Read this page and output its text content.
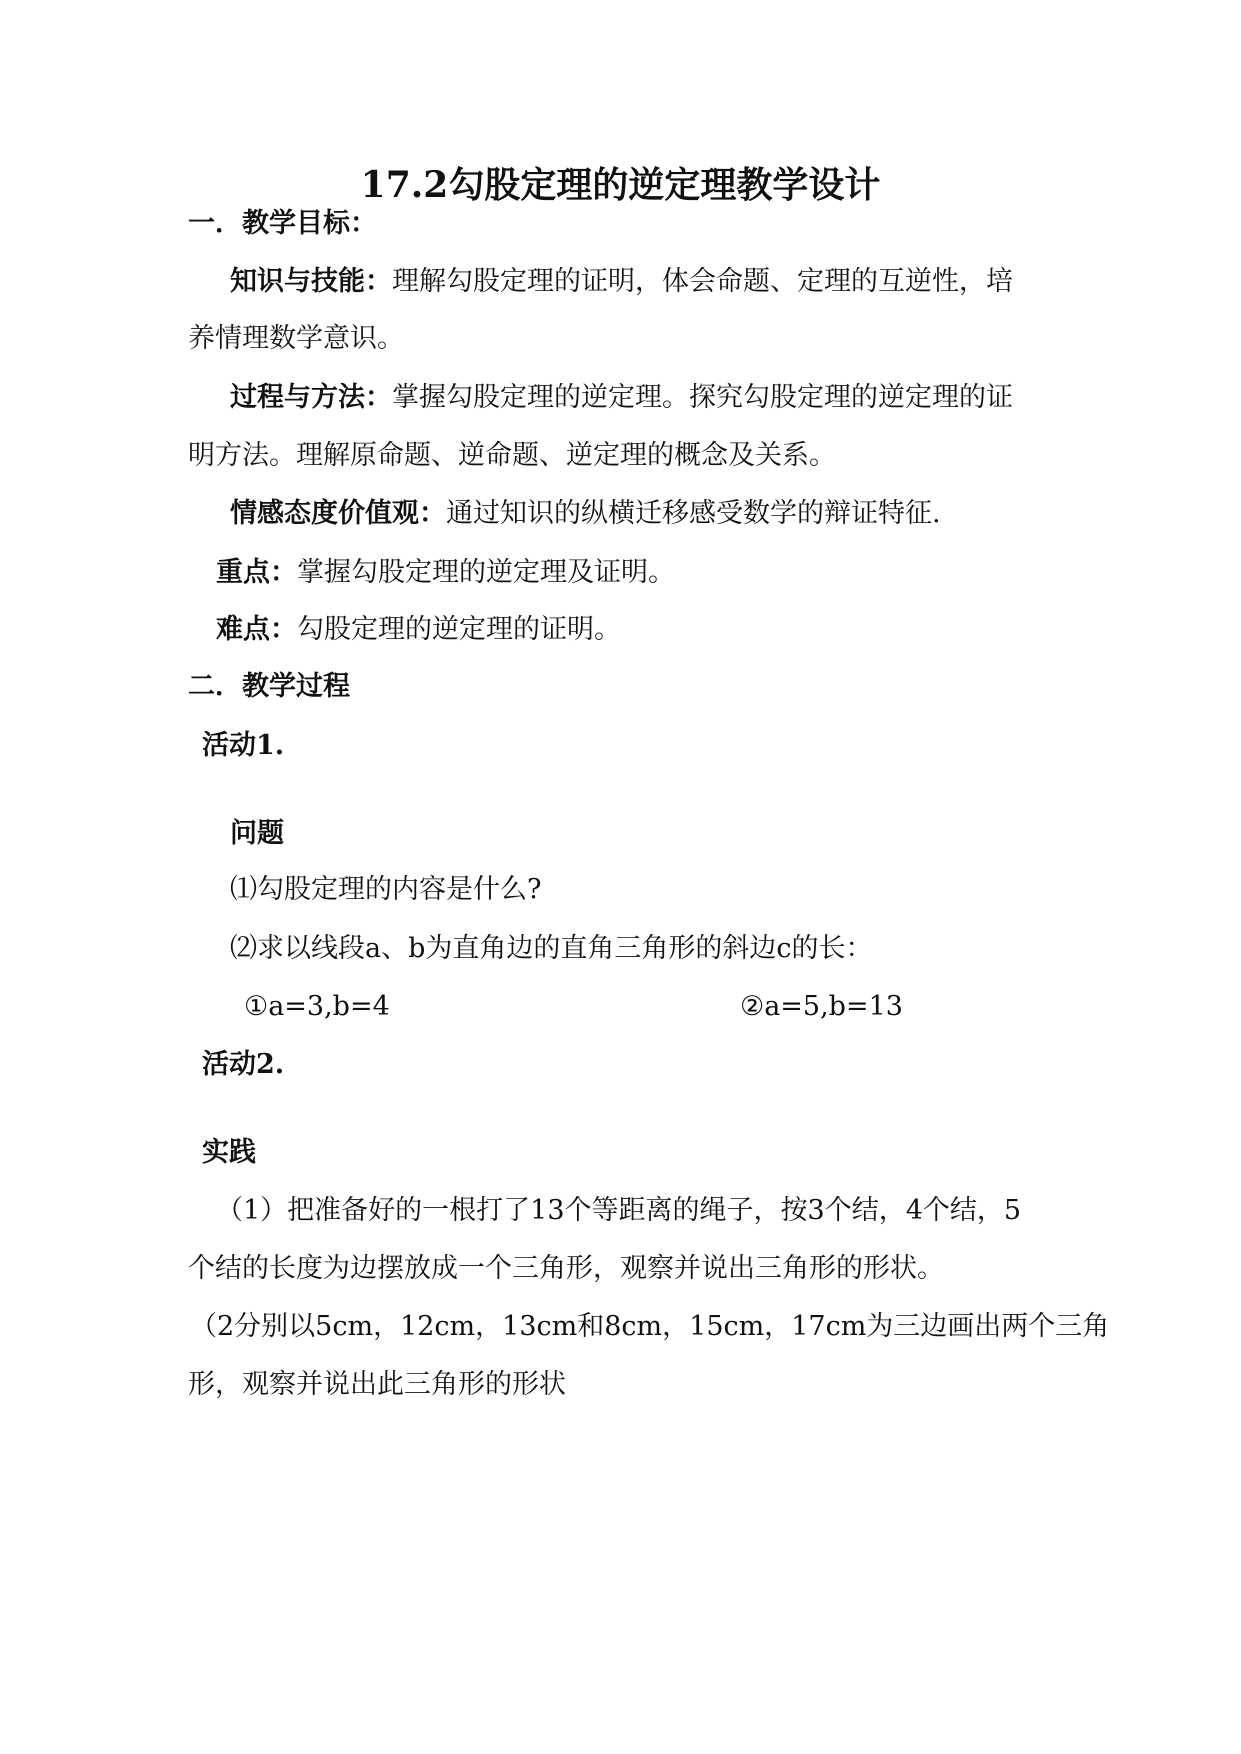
17.2勾股定理的逆定理教学设计
一．教学目标：
知识与技能：理解勾股定理的证明，体会命题、定理的互逆性，培
养情理数学意识。
过程与方法：掌握勾股定理的逆定理。探究勾股定理的逆定理的证
明方法。理解原命题、逆命题、逆定理的概念及关系。
情感态度价值观：通过知识的纵横迁移感受数学的辩证特征.
重点：掌握勾股定理的逆定理及证明。
难点：勾股定理的逆定理的证明。
二．教学过程
活动1.
问题
⑴勾股定理的内容是什么?
⑵求以线段a、b为直角边的直角三角形的斜边c的长：
①a=3,b=4	②a=5,b=13
活动2.
实践
（1）把准备好的一根打了13个等距离的绳子，按3个结，4个结，5
个结的长度为边摆放成一个三角形，观察并说出三角形的形状。
（2分别以5cm，12cm，13cm和8cm，15cm，17cm为三边画出两个三角
形，观察并说出此三角形的形状
